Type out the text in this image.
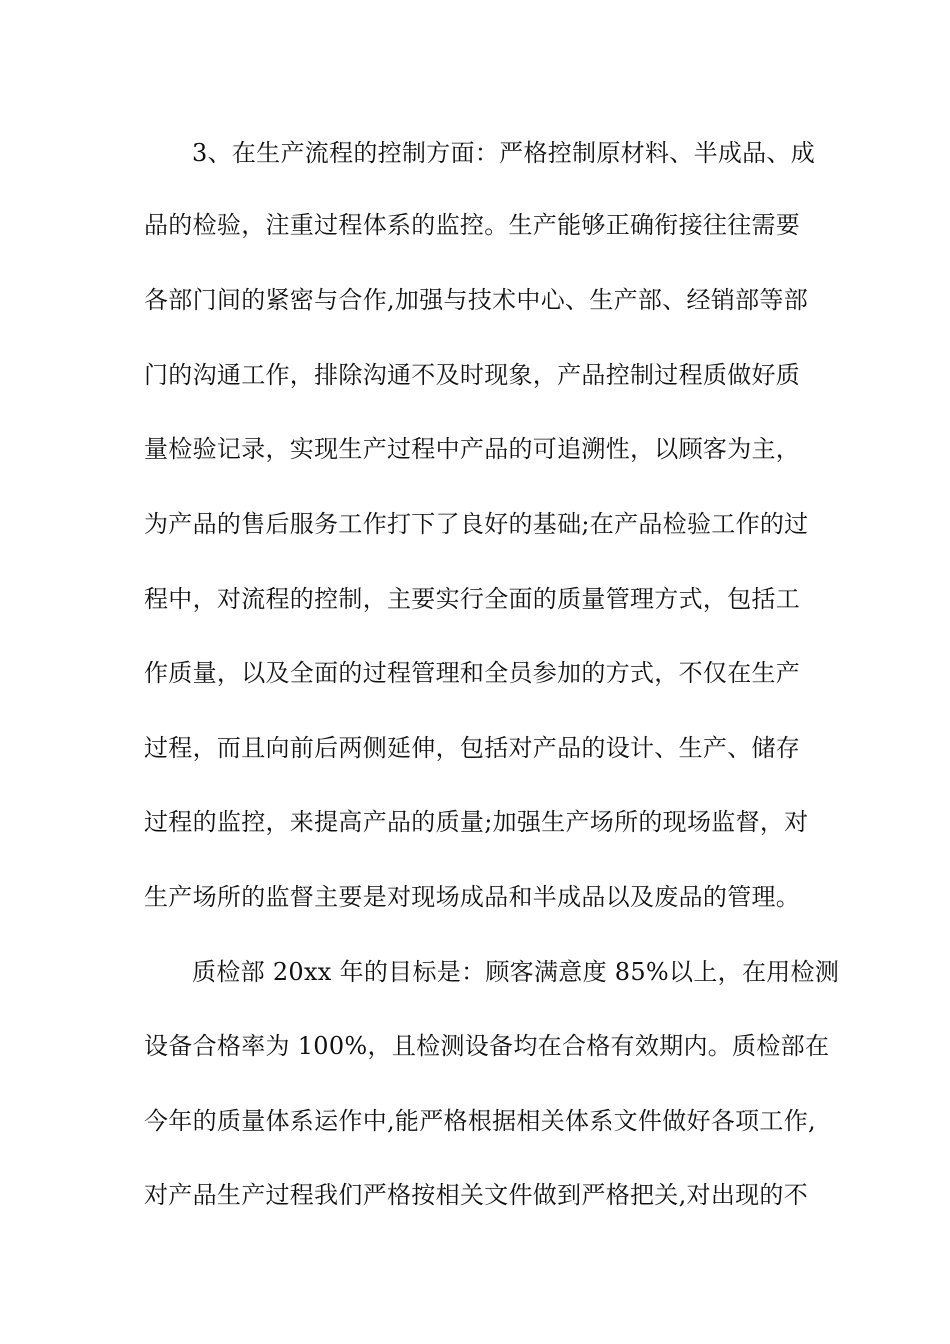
3、在生产流程的控制方面：严格控制原材料、半成品、成
品的检验，注重过程体系的监控。生产能够正确衔接往往需要
各部门间的紧密与合作,加强与技术中心、生产部、经销部等部
门的沟通工作，排除沟通不及时现象，产品控制过程质做好质
量检验记录，实现生产过程中产品的可追溯性，以顾客为主，
为产品的售后服务工作打下了良好的基础;在产品检验工作的过
程中，对流程的控制，主要实行全面的质量管理方式，包括工
作质量，以及全面的过程管理和全员参加的方式，不仅在生产
过程，而且向前后两侧延伸，包括对产品的设计、生产、储存
过程的监控，来提高产品的质量;加强生产场所的现场监督，对
生产场所的监督主要是对现场成品和半成品以及废品的管理。
质检部 20xx 年的目标是：顾客满意度 85%以上，在用检测
设备合格率为 100%，且检测设备均在合格有效期内。质检部在
今年的质量体系运作中,能严格根据相关体系文件做好各项工作,
对产品生产过程我们严格按相关文件做到严格把关,对出现的不
